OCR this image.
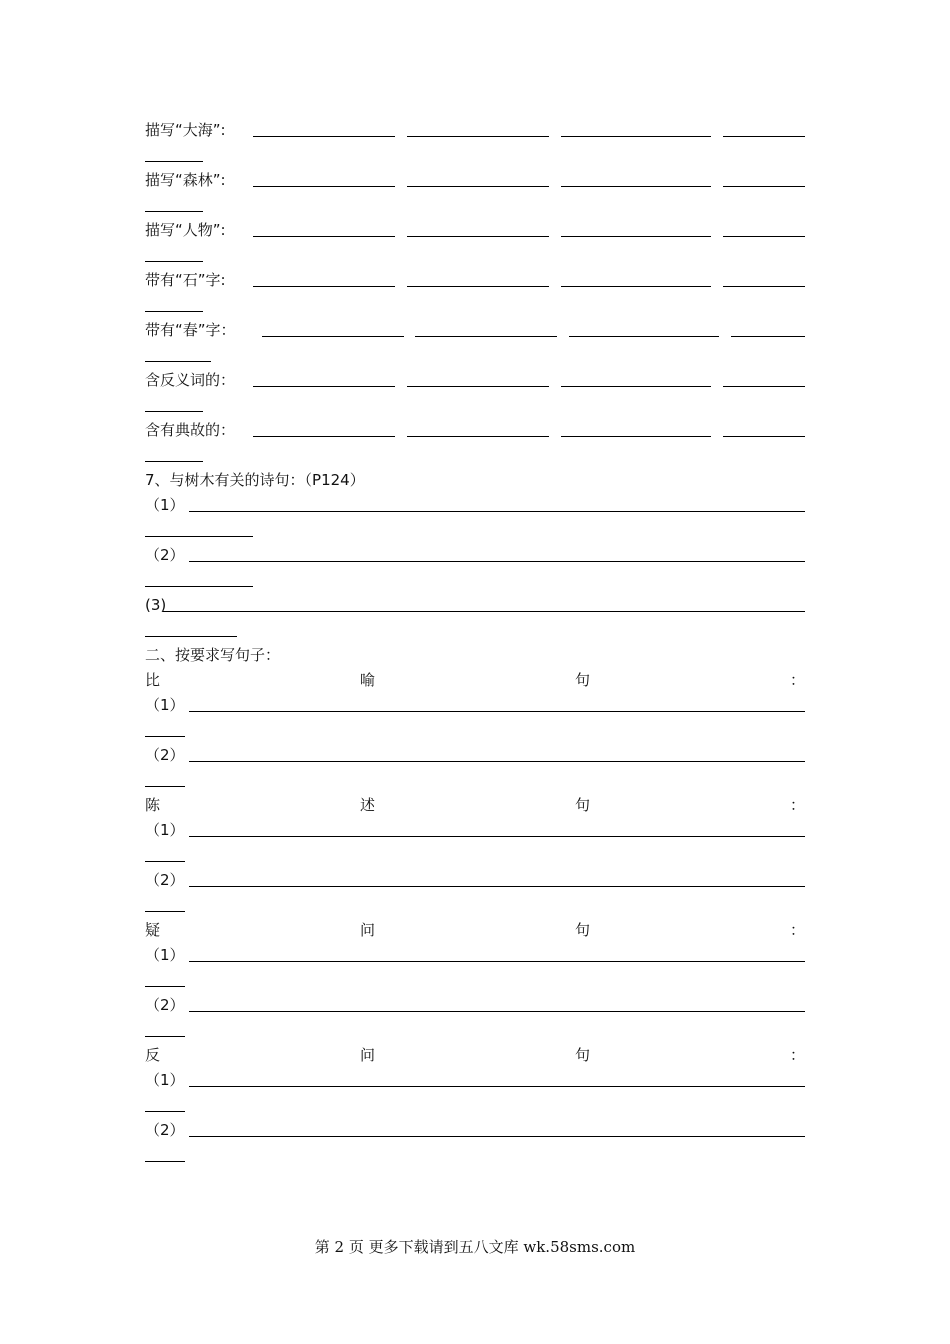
描写“大海”:
描写“森林”:
描写“人物”:
带有“石”字:
带有“春”字：
含反义词的：
含有典故的：
7、与树木有关的诗句：（P124）
（1）
（2）
(3)
二、按要求写句子：
比	喻	句	：
（1）
（2）
陈	述	句	：
（1）
（2）
疑	问	句	：
（1）
（2）
反	问	句	：
（1）
（2）
第 2 页 更多下载请到五八文库 wk.58sms.com
